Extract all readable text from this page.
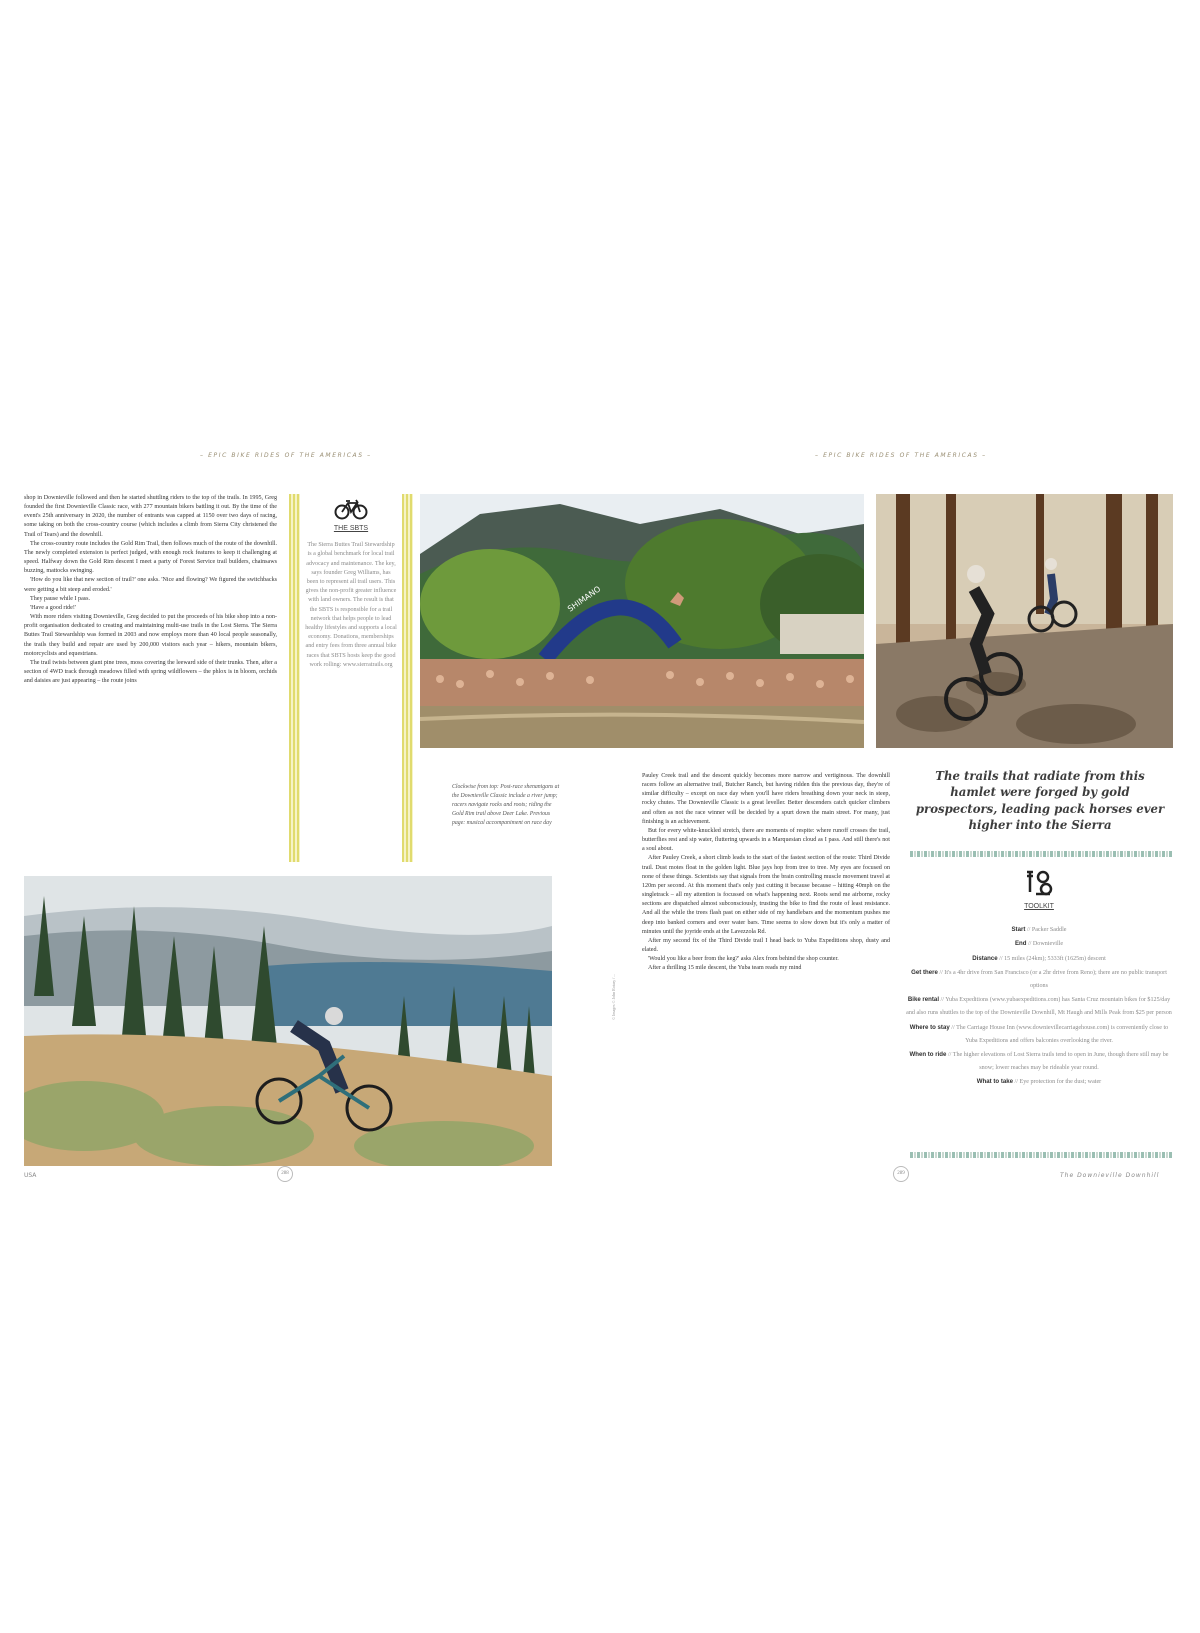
– EPIC BIKE RIDES OF THE AMERICAS –	– EPIC BIKE RIDES OF THE AMERICAS –

shop in Downieville followed and then he started shuttling riders to the top of the trails. In 1995, Greg founded the first Downieville Classic race, with 277 mountain bikers battling it out. By the time of the event's 25th anniversary in 2020, the number of entrants was capped at 1150 over two days of racing, some taking on both the cross-country course (which includes a climb from Sierra City christened the Trail of Tears) and the downhill.

The cross-country route includes the Gold Rim Trail, then follows much of the route of the downhill. The newly completed extension is perfect judged, with enough rock features to keep it challenging at speed. Halfway down the Gold Rim descent I meet a party of Forest Service trail builders, chainsaws buzzing, mattocks swinging.

'How do you like that new section of trail?' one asks. 'Nice and flowing? We figured the switchbacks were getting a bit steep and eroded.'

They pause while I pass.

'Have a good ride!'

With more riders visiting Downieville, Greg decided to put the proceeds of his bike shop into a non-profit organisation dedicated to creating and maintaining multi-use trails in the Lost Sierra. The Sierra Buttes Trail Stewardship was formed in 2003 and now employs more than 40 local people seasonally, the trails they build and repair are used by 200,000 visitors each year – hikers, mountain bikers, motorcyclists and equestrians.

The trail twists between giant pine trees, moss covering the leeward side of their trunks. Then, after a section of 4WD track through meadows filled with spring wildflowers – the phlox is in bloom, orchids and daisies are just appearing – the route joins

THE SBTS
The Sierra Buttes Trail Stewardship is a global benchmark for local trail advocacy and maintenance. The key, says founder Greg Williams, has been to represent all trail users. This gives the non-profit greater influence with land owners. The result is that the SBTS is responsible for a trail network that helps people to lead healthy lifestyles and supports a local economy. Donations, memberships and entry fees from three annual bike races that SBTS hosts keep the good work rolling: www.sierratrails.org
SHIMANO
Clockwise from top: Post-race shenanigans at the Downieville Classic include a river jump; racers navigate rocks and roots; riding the Gold Rim trail above Deer Lake. Previous page: musical accompaniment on race day
© Images © John Rotary / ...

Pauley Creek trail and the descent quickly becomes more narrow and vertiginous. The downhill racers follow an alternative trail, Butcher Ranch, but having ridden this the previous day, they're of similar difficulty – except on race day when you'll have riders breathing down your neck in steep, rocky chutes. The Downieville Classic is a great leveller. Better descenders catch quicker climbers and often as not the race winner will be decided by a spurt down the main street. For many, just finishing is an achievement.

But for every white-knuckled stretch, there are moments of respite: where runoff crosses the trail, butterflies rest and sip water, fluttering upwards in a Marquesian cloud as I pass. And still there's not a soul about.

After Pauley Creek, a short climb leads to the start of the fastest section of the route: Third Divide trail. Dust motes float in the golden light. Blue jays hop from tree to tree. My eyes are focused on none of these things. Scientists say that signals from the brain controlling muscle movement travel at 120m per second. At this moment that's only just cutting it because because – hitting 40mph on the singletrack – all my attention is focussed on what's happening next. Roots send me airborne, rocky sections are dispatched almost subconsciously, trusting the bike to find the route of least resistance. And all the while the trees flash past on either side of my handlebars and the momentum pushes me deep into banked corners and over water bars. Time seems to slow down but it's only a matter of minutes until the joyride ends at the Lavezzola Rd.

After my second fix of the Third Divide trail I head back to Yuba Expeditions shop, dusty and elated.

'Would you like a beer from the keg?' asks Alex from behind the shop counter.

After a thrilling 15 mile descent, the Yuba team reads my mind

The trails that radiate from this hamlet were forged by gold prospectors, leading pack horses ever higher into the Sierra
TOOLKIT
Start // Packer Saddle
End // Downieville
Distance // 15 miles (24km); 5333ft (1625m) descent
Get there // It's a 4hr drive from San Francisco (or a 2hr drive from Reno); there are no public transport options
Bike rental // Yuba Expeditions (www.yubaexpeditions.com) has Santa Cruz mountain bikes for $125/day and also runs shuttles to the top of the Downieville Downhill, Mt Haugh and Mills Peak from $25 per person
Where to stay // The Carriage House Inn (www.downievillecarriagehouse.com) is conveniently close to Yuba Expeditions and offers balconies overlooking the river.
When to ride // The higher elevations of Lost Sierra trails tend to open in June, though there still may be snow; lower reaches may be rideable year round.
What to take // Eye protection for the dust; water
USA	288	289	The Downieville Downhill
